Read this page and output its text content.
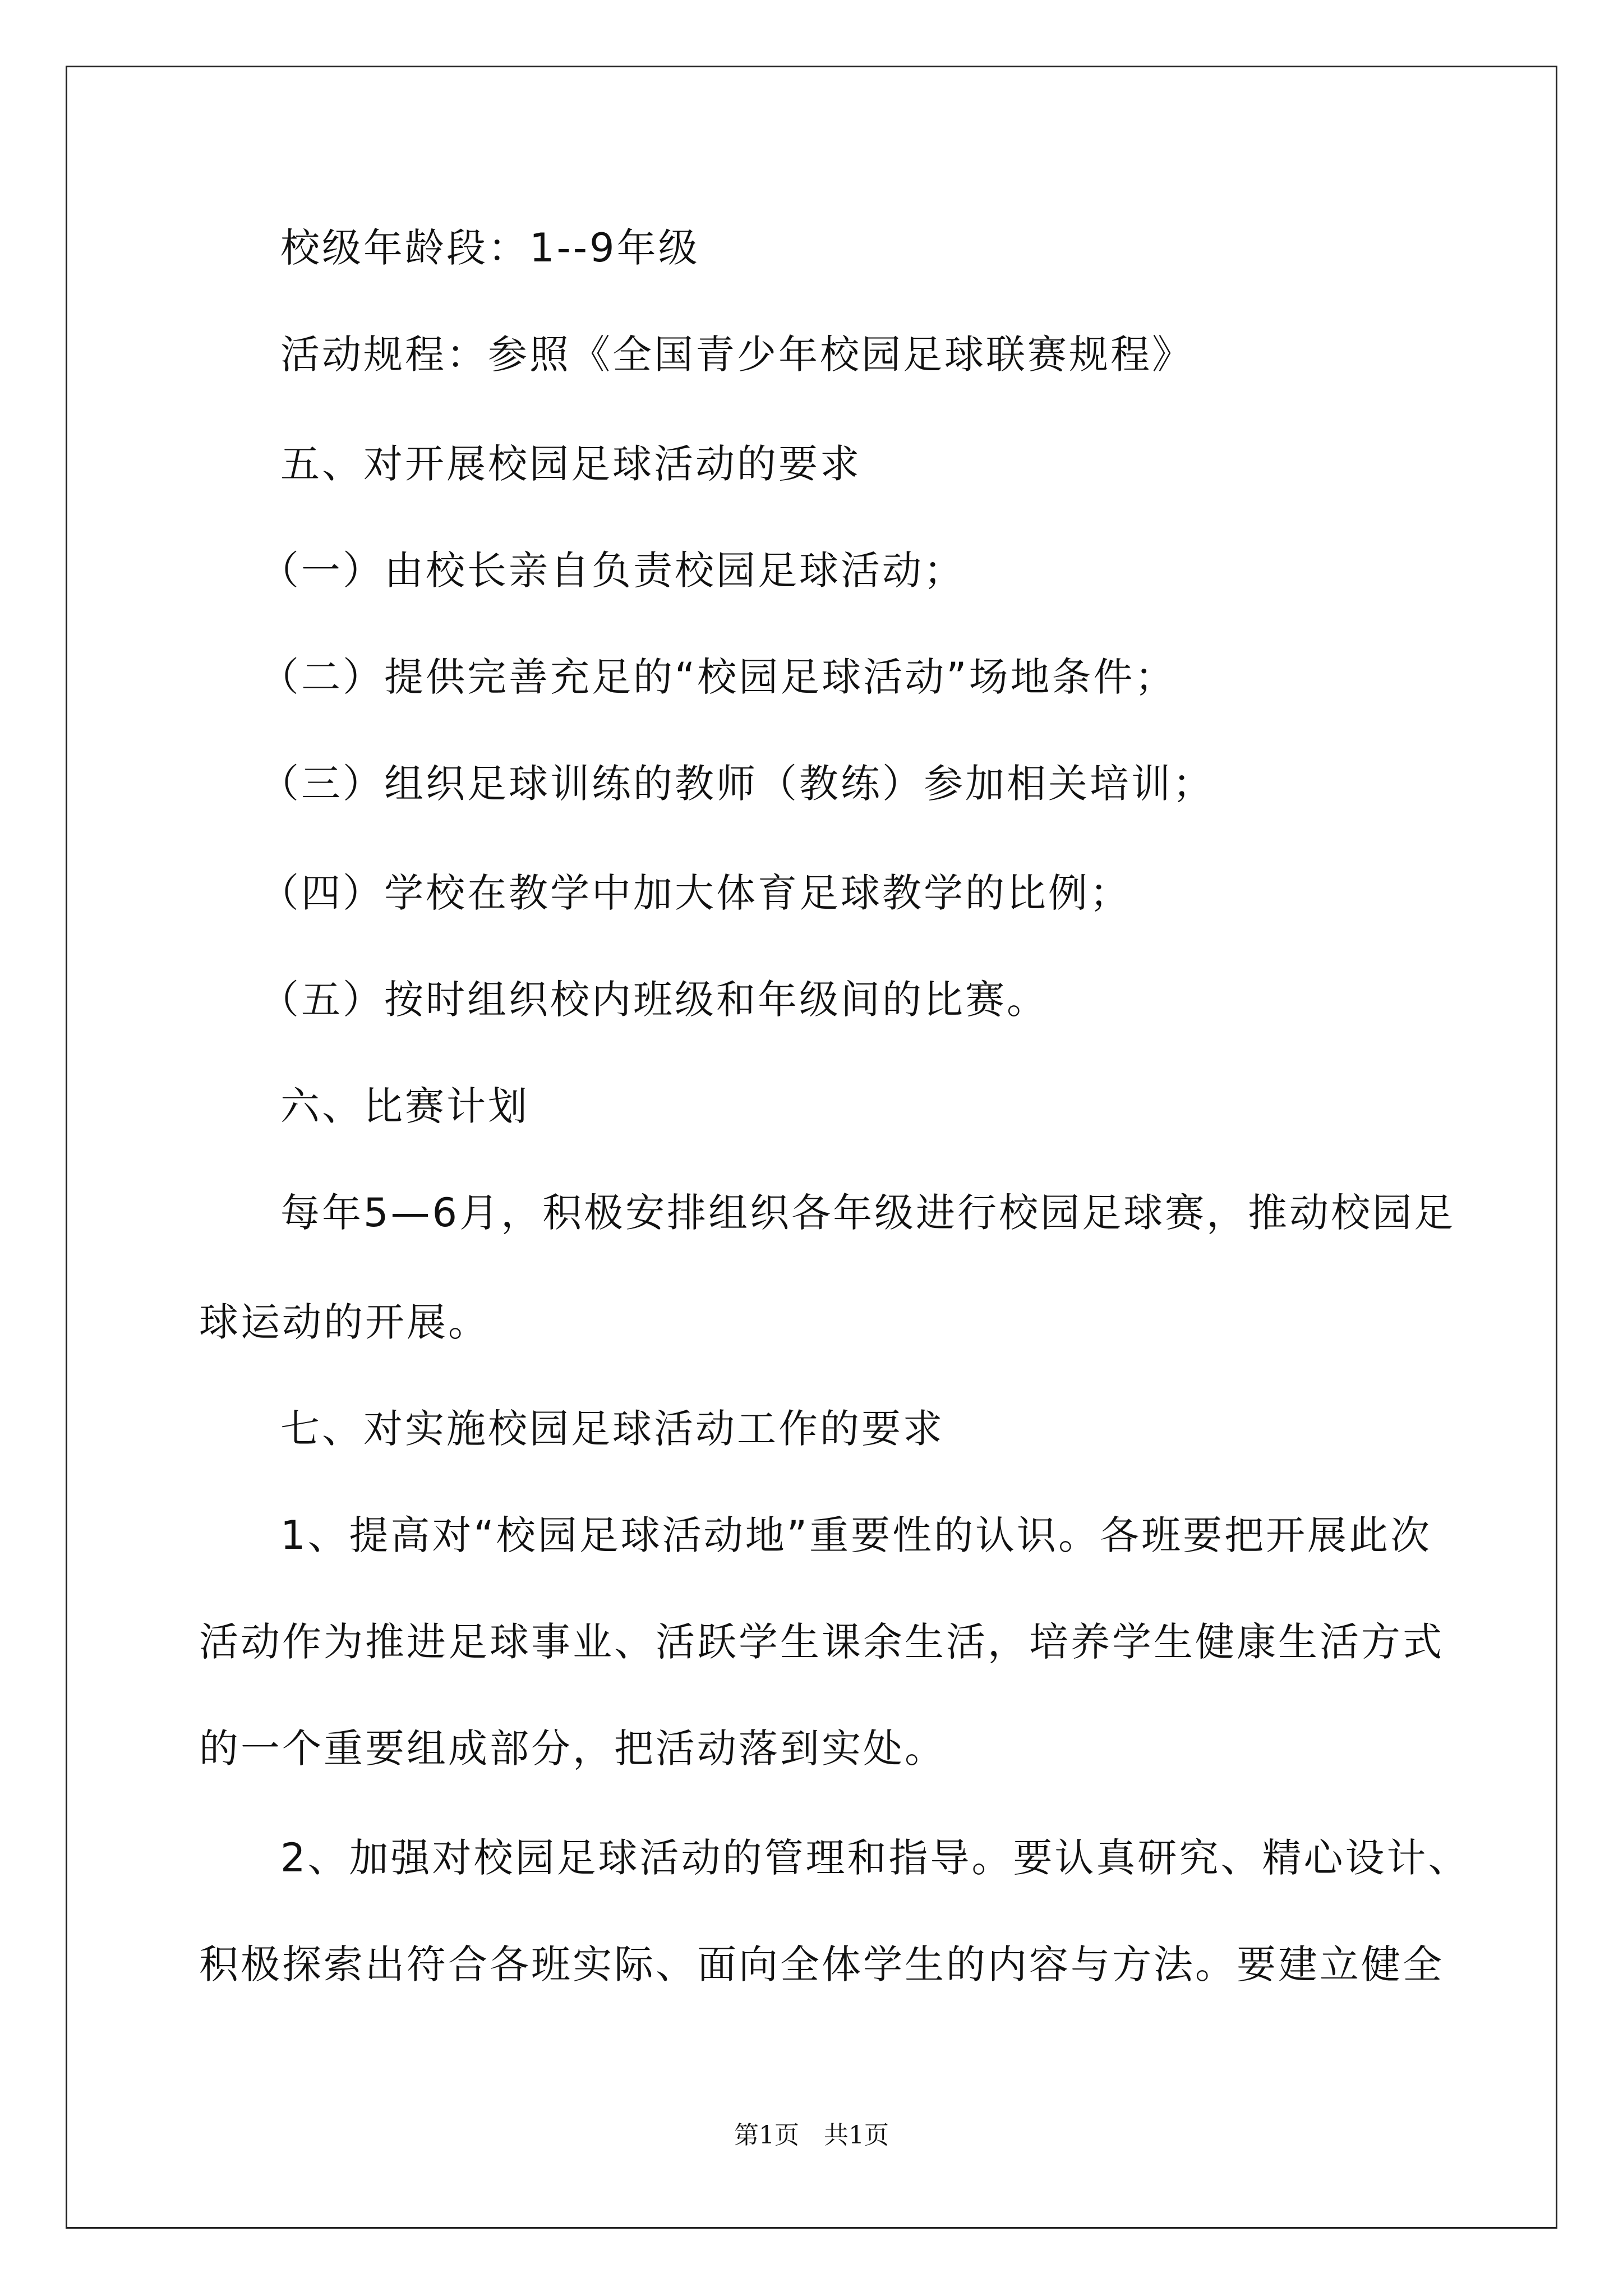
校级年龄段：1--9年级
活动规程：参照《全国青少年校园足球联赛规程》
五、对开展校园足球活动的要求
（一）由校长亲自负责校园足球活动；
（二）提供完善充足的“校园足球活动”场地条件；
（三）组织足球训练的教师（教练）参加相关培训；
（四）学校在教学中加大体育足球教学的比例；
（五）按时组织校内班级和年级间的比赛。
六、比赛计划
每年5—6月，积极安排组织各年级进行校园足球赛，推动校园足
球运动的开展。
七、对实施校园足球活动工作的要求
1、提高对“校园足球活动地”重要性的认识。各班要把开展此次
活动作为推进足球事业、活跃学生课余生活，培养学生健康生活方式
的一个重要组成部分，把活动落到实处。
2、加强对校园足球活动的管理和指导。要认真研究、精心设计、
积极探索出符合各班实际、面向全体学生的内容与方法。要建立健全
第1页　共1页
